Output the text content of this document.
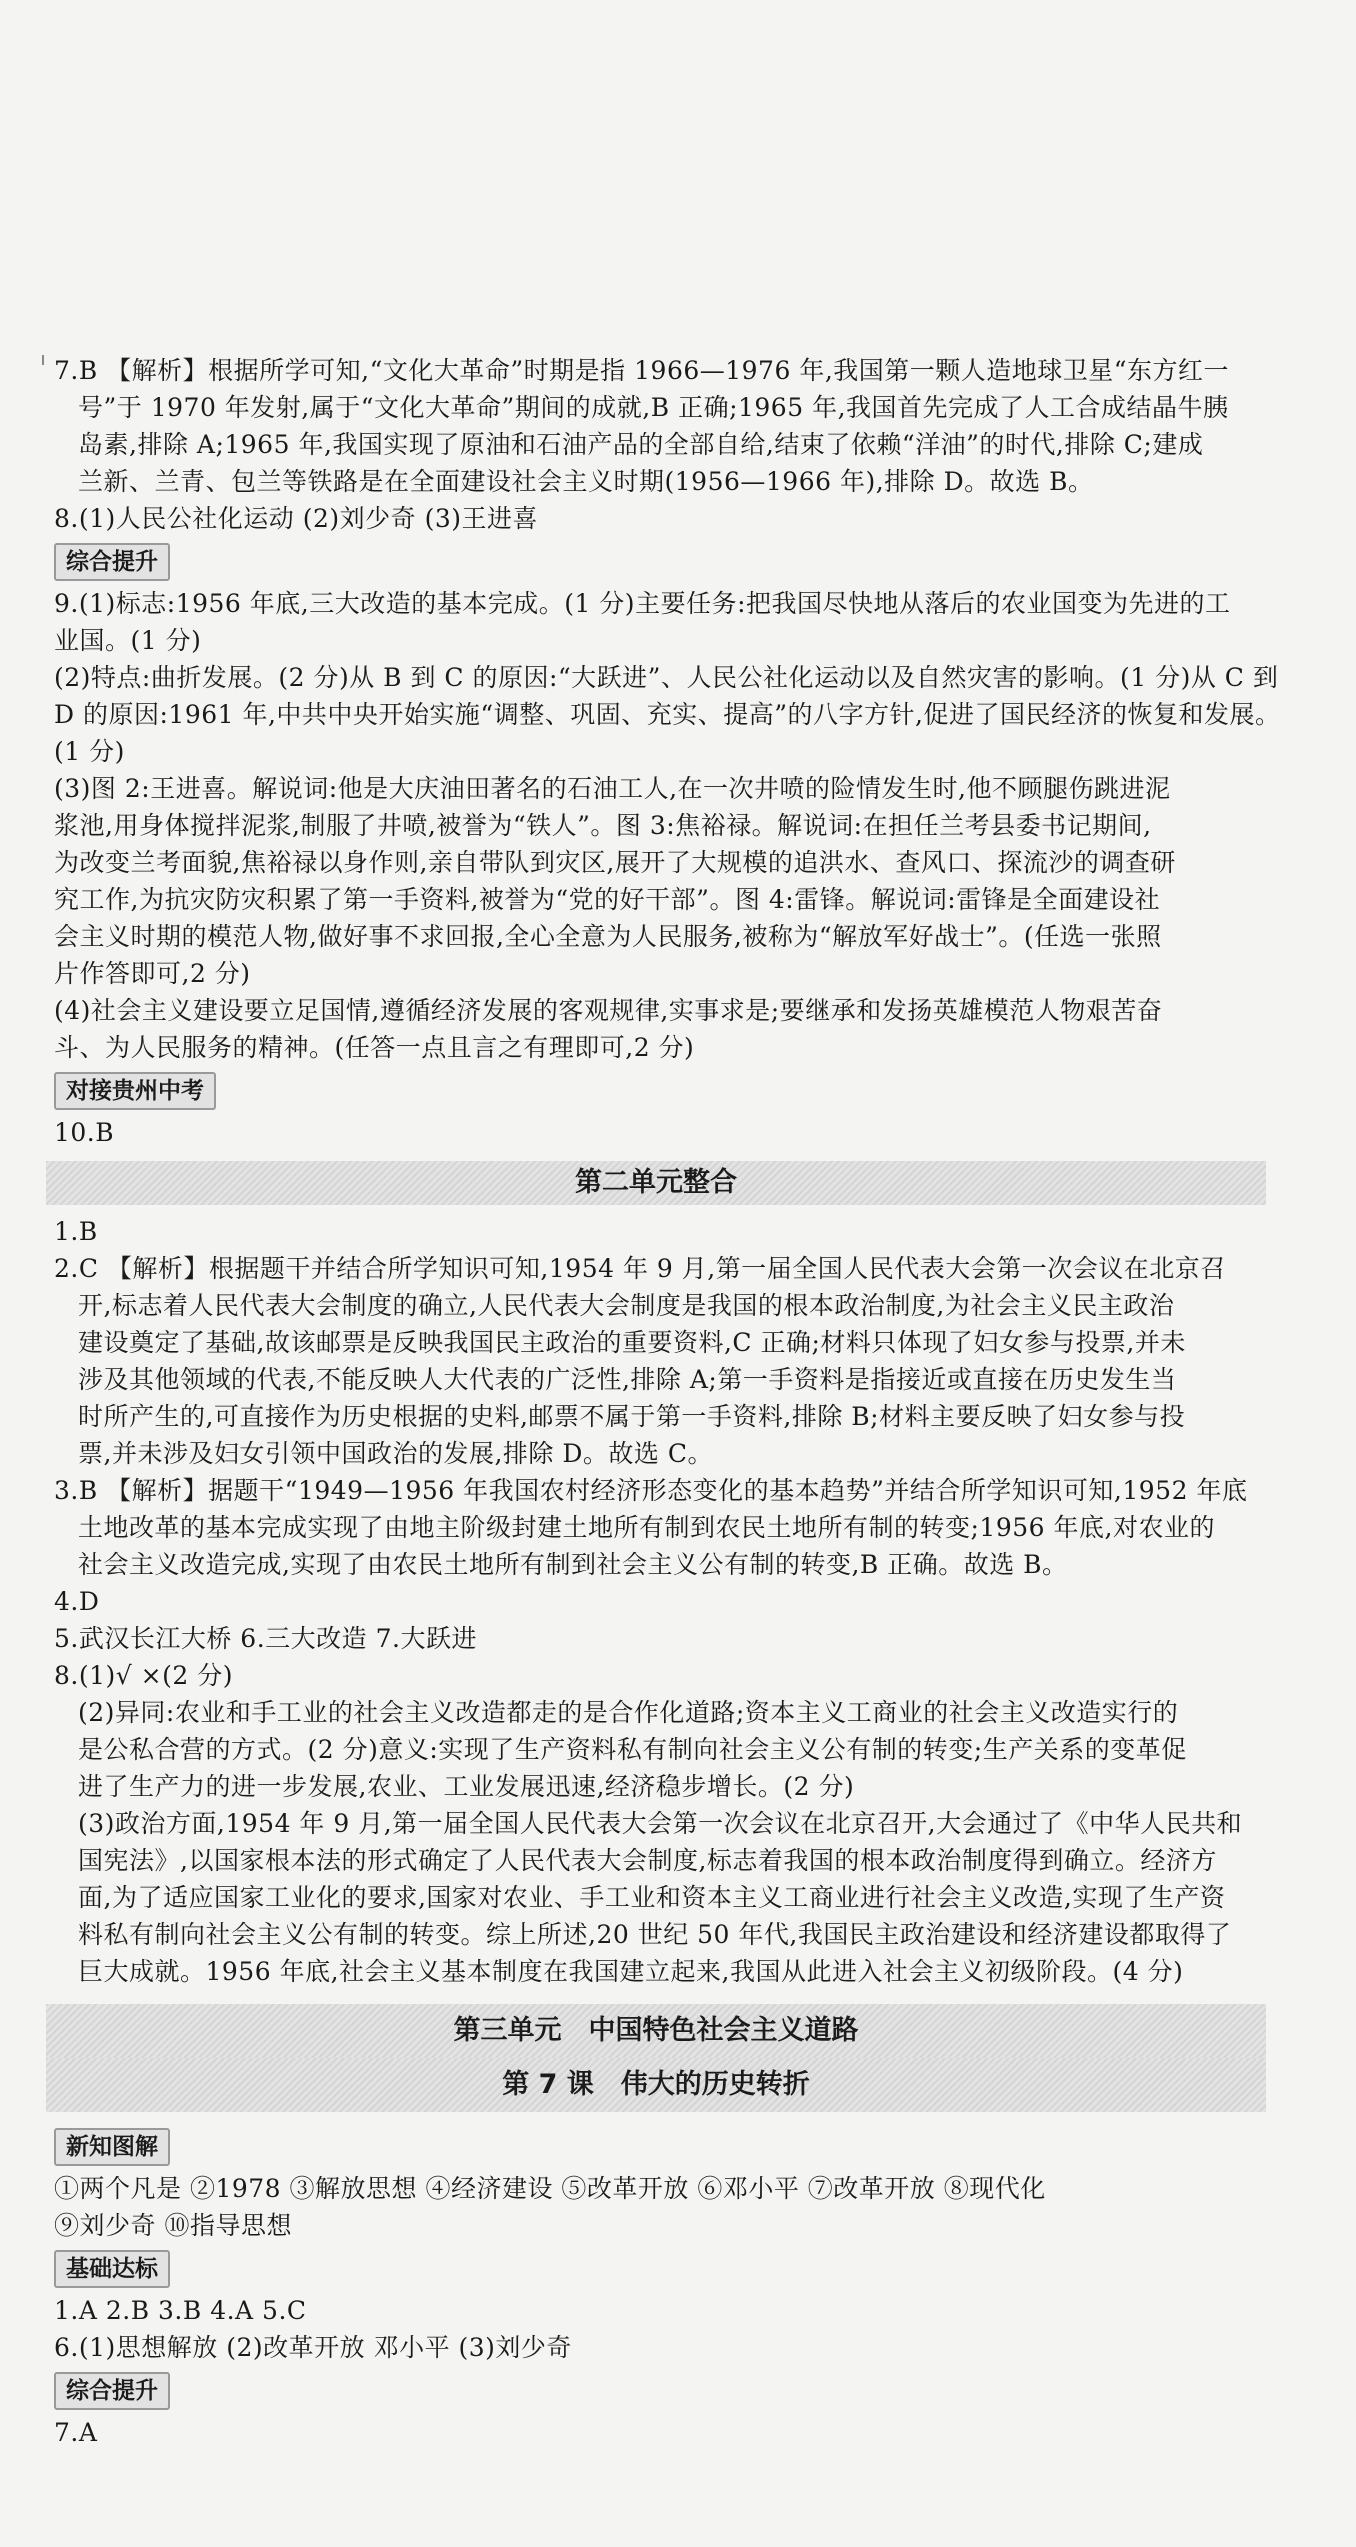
7.B 【解析】根据所学可知,“文化大革命”时期是指 1966—1976 年,我国第一颗人造地球卫星“东方红一
号”于 1970 年发射,属于“文化大革命”期间的成就,B 正确;1965 年,我国首先完成了人工合成结晶牛胰
岛素,排除 A;1965 年,我国实现了原油和石油产品的全部自给,结束了依赖“洋油”的时代,排除 C;建成
兰新、兰青、包兰等铁路是在全面建设社会主义时期(1956—1966 年),排除 D。故选 B。
8.(1)人民公社化运动 (2)刘少奇 (3)王进喜
综合提升
9.(1)标志:1956 年底,三大改造的基本完成。(1 分)主要任务:把我国尽快地从落后的农业国变为先进的工
业国。(1 分)
(2)特点:曲折发展。(2 分)从 B 到 C 的原因:“大跃进”、人民公社化运动以及自然灾害的影响。(1 分)从 C 到
D 的原因:1961 年,中共中央开始实施“调整、巩固、充实、提高”的八字方针,促进了国民经济的恢复和发展。
(1 分)
(3)图 2:王进喜。解说词:他是大庆油田著名的石油工人,在一次井喷的险情发生时,他不顾腿伤跳进泥
浆池,用身体搅拌泥浆,制服了井喷,被誉为“铁人”。图 3:焦裕禄。解说词:在担任兰考县委书记期间,
为改变兰考面貌,焦裕禄以身作则,亲自带队到灾区,展开了大规模的追洪水、查风口、探流沙的调查研
究工作,为抗灾防灾积累了第一手资料,被誉为“党的好干部”。图 4:雷锋。解说词:雷锋是全面建设社
会主义时期的模范人物,做好事不求回报,全心全意为人民服务,被称为“解放军好战士”。(任选一张照
片作答即可,2 分)
(4)社会主义建设要立足国情,遵循经济发展的客观规律,实事求是;要继承和发扬英雄模范人物艰苦奋
斗、为人民服务的精神。(任答一点且言之有理即可,2 分)
对接贵州中考
10.B
第二单元整合
1.B
2.C 【解析】根据题干并结合所学知识可知,1954 年 9 月,第一届全国人民代表大会第一次会议在北京召
开,标志着人民代表大会制度的确立,人民代表大会制度是我国的根本政治制度,为社会主义民主政治
建设奠定了基础,故该邮票是反映我国民主政治的重要资料,C 正确;材料只体现了妇女参与投票,并未
涉及其他领域的代表,不能反映人大代表的广泛性,排除 A;第一手资料是指接近或直接在历史发生当
时所产生的,可直接作为历史根据的史料,邮票不属于第一手资料,排除 B;材料主要反映了妇女参与投
票,并未涉及妇女引领中国政治的发展,排除 D。故选 C。
3.B 【解析】据题干“1949—1956 年我国农村经济形态变化的基本趋势”并结合所学知识可知,1952 年底
土地改革的基本完成实现了由地主阶级封建土地所有制到农民土地所有制的转变;1956 年底,对农业的
社会主义改造完成,实现了由农民土地所有制到社会主义公有制的转变,B 正确。故选 B。
4.D
5.武汉长江大桥 6.三大改造 7.大跃进
8.(1)√ ×(2 分)
(2)异同:农业和手工业的社会主义改造都走的是合作化道路;资本主义工商业的社会主义改造实行的
是公私合营的方式。(2 分)意义:实现了生产资料私有制向社会主义公有制的转变;生产关系的变革促
进了生产力的进一步发展,农业、工业发展迅速,经济稳步增长。(2 分)
(3)政治方面,1954 年 9 月,第一届全国人民代表大会第一次会议在北京召开,大会通过了《中华人民共和
国宪法》,以国家根本法的形式确定了人民代表大会制度,标志着我国的根本政治制度得到确立。经济方
面,为了适应国家工业化的要求,国家对农业、手工业和资本主义工商业进行社会主义改造,实现了生产资
料私有制向社会主义公有制的转变。综上所述,20 世纪 50 年代,我国民主政治建设和经济建设都取得了
巨大成就。1956 年底,社会主义基本制度在我国建立起来,我国从此进入社会主义初级阶段。(4 分)
第三单元　中国特色社会主义道路
第 7 课　伟大的历史转折
新知图解
①两个凡是 ②1978 ③解放思想 ④经济建设 ⑤改革开放 ⑥邓小平 ⑦改革开放 ⑧现代化
⑨刘少奇 ⑩指导思想
基础达标
1.A 2.B 3.B 4.A 5.C
6.(1)思想解放 (2)改革开放 邓小平 (3)刘少奇
综合提升
7.A
